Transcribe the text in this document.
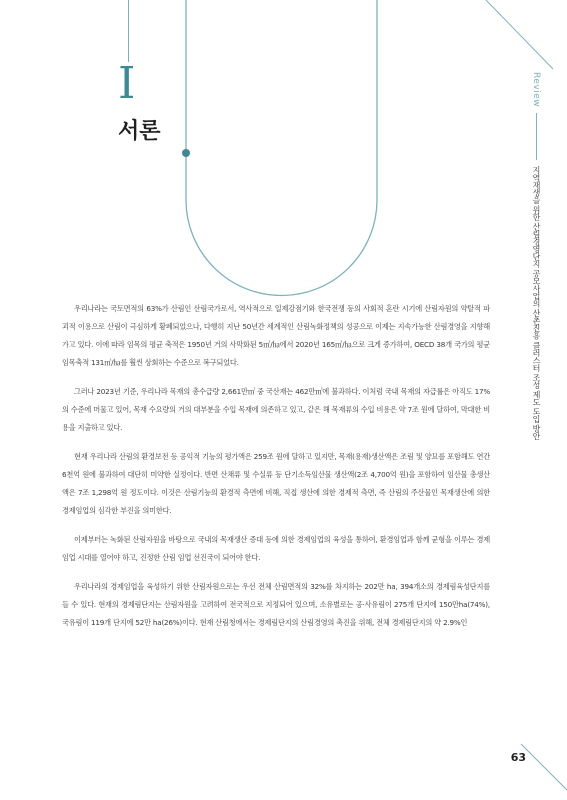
I
서론
Review
지역재생을 위한 산림경영단지 공모사업의 산촌진흥 클러스터 조성 제도 도입 방안

우리나라는 국토면적의 63%가 산림인 산림국가로서, 역사적으로 일제강점기와 한국전쟁 등의 사회적 혼란 시기에 산림자원의 약탈적 파괴적 이용으로 산림이 극심하게 황폐되었으나, 다행히 지난 50년간 세계적인 산림녹화정책의 성공으로 이제는 지속가능한 산림경영을 지향해가고 있다. 이에 따라 임목의 평균 축적은 1950년 거의 사막화된 5㎥/㏊에서 2020년 165㎥/㏊으로 크게 증가하여, OECD 38개 국가의 평균 임목축적 131㎥/㏊를 훨씬 상회하는 수준으로 복구되었다.

그러나 2023년 기준, 우리나라 목재의 총수급량 2,661만㎥ 중 국산재는 462만㎥에 불과하다. 이처럼 국내 목재의 자급률은 아직도 17%의 수준에 머물고 있어, 목재 수요량의 거의 대부분을 수입 목재에 의존하고 있고, 같은 해 목재류의 수입 비용은 약 7조 원에 달하여, 막대한 비용을 지출하고 있다.

현재 우리나라 산림의 환경보전 등 공익적 기능의 평가액은 259조 원에 달하고 있지만, 목재(용재)생산액은 조림 및 양묘를 포함해도 연간 6천억 원에 불과하여 대단히 미약한 실정이다. 반면 산채류 및 수실류 등 단기소득임산물 생산액(2조 4,700억 원)을 포함하여 임산물 총생산액은 7조 1,298억 원 정도이다. 이것은 산림기능의 환경적 측면에 비해, 직접 생산에 의한 경제적 측면, 즉 산림의 주산물인 목재생산에 의한 경제임업의 심각한 부진을 의미한다.

이제부터는 녹화된 산림자원을 바탕으로 국내의 목재생산 증대 등에 의한 경제임업의 육성을 통하여, 환경임업과 함께 균형을 이루는 경제임업 시대를 열어야 하고, 진정한 산림 임업 선진국이 되어야 한다.

우리나라의 경제임업을 육성하기 위한 산림자원으로는 우선 전체 산림면적의 32%를 차지하는 202만 ha, 394개소의 경제림육성단지를 들 수 있다. 현재의 경제림단지는 산림자원을 고려하여 전국적으로 지정되어 있으며, 소유별로는 공·사유림이 275개 단지에 150만ha(74%), 국유림이 119개 단지에 52만 ha(26%)이다. 현재 산림청에서는 경제림단지의 산림경영의 촉진을 위해, 전체 경제림단지의 약 2.9%인

63
